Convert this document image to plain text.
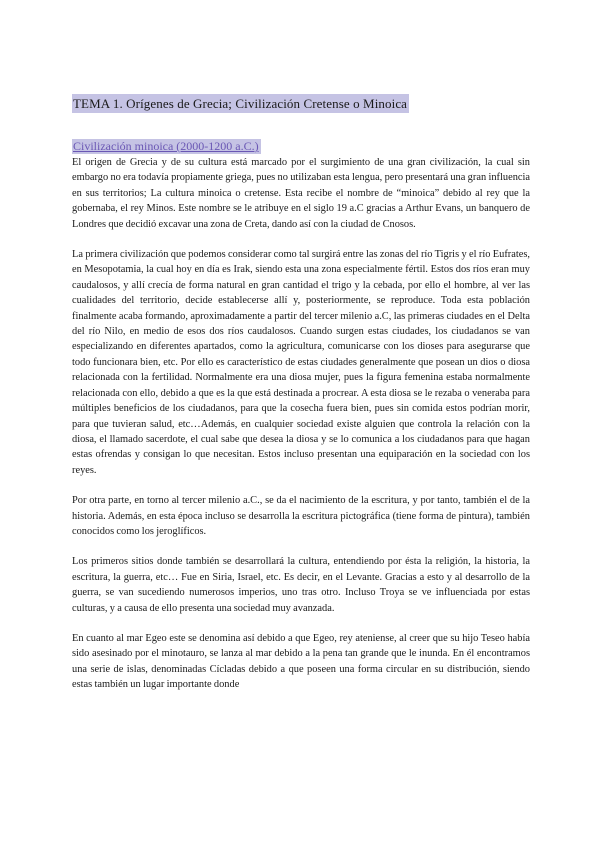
TEMA 1. Orígenes de Grecia; Civilización Cretense o Minoica
Civilización minoica (2000-1200 a.C.)

El origen de Grecia y de su cultura está marcado por el surgimiento de una gran civilización, la cual sin embargo no era todavía propiamente griega, pues no utilizaban esta lengua, pero presentará una gran influencia en sus territorios; La cultura minoica o cretense. Esta recibe el nombre de “minoica” debido al rey que la gobernaba, el rey Minos. Este nombre se le atribuye en el siglo 19 a.C gracias a Arthur Evans, un banquero de Londres que decidió excavar una zona de Creta, dando así con la ciudad de Cnosos.

La primera civilización que podemos considerar como tal surgirá entre las zonas del río Tigris y el río Eufrates, en Mesopotamia, la cual hoy en día es Irak, siendo esta una zona especialmente fértil. Estos dos ríos eran muy caudalosos, y allí crecía de forma natural en gran cantidad el trigo y la cebada, por ello el hombre, al ver las cualidades del territorio, decide establecerse allí y, posteriormente, se reproduce. Toda esta población finalmente acaba formando, aproximadamente a partir del tercer milenio a.C, las primeras ciudades en el Delta del río Nilo, en medio de esos dos ríos caudalosos. Cuando surgen estas ciudades, los ciudadanos se van especializando en diferentes apartados, como la agricultura, comunicarse con los dioses para asegurarse que todo funcionara bien, etc. Por ello es característico de estas ciudades generalmente que posean un dios o diosa relacionada con la fertilidad. Normalmente era una diosa mujer, pues la figura femenina estaba normalmente relacionada con ello, debido a que es la que está destinada a procrear. A esta diosa se le rezaba o veneraba para múltiples beneficios de los ciudadanos, para que la cosecha fuera bien, pues sin comida estos podrían morir, para que tuvieran salud, etc…Además, en cualquier sociedad existe alguien que controla la relación con la diosa, el llamado sacerdote, el cual sabe que desea la diosa y se lo comunica a los ciudadanos para que hagan estas ofrendas y consigan lo que necesitan. Estos incluso presentan una equiparación en la sociedad con los reyes.

Por otra parte, en torno al tercer milenio a.C., se da el nacimiento de la escritura, y por tanto, también el de la historia. Además, en esta época incluso se desarrolla la escritura pictográfica (tiene forma de pintura), también conocidos como los jeroglíficos.

Los primeros sitios donde también se desarrollará la cultura, entendiendo por ésta la religión, la historia, la escritura, la guerra, etc… Fue en Siria, Israel, etc. Es decir, en el Levante. Gracias a esto y al desarrollo de la guerra, se van sucediendo numerosos imperios, uno tras otro. Incluso Troya se ve influenciada por estas culturas, y a causa de ello presenta una sociedad muy avanzada.

En cuanto al mar Egeo este se denomina así debido a que Egeo, rey ateniense, al creer que su hijo Teseo había sido asesinado por el minotauro, se lanza al mar debido a la pena tan grande que le inunda. En él encontramos una serie de islas, denominadas Cícladas debido a que poseen una forma circular en su distribución, siendo estas también un lugar importante donde
